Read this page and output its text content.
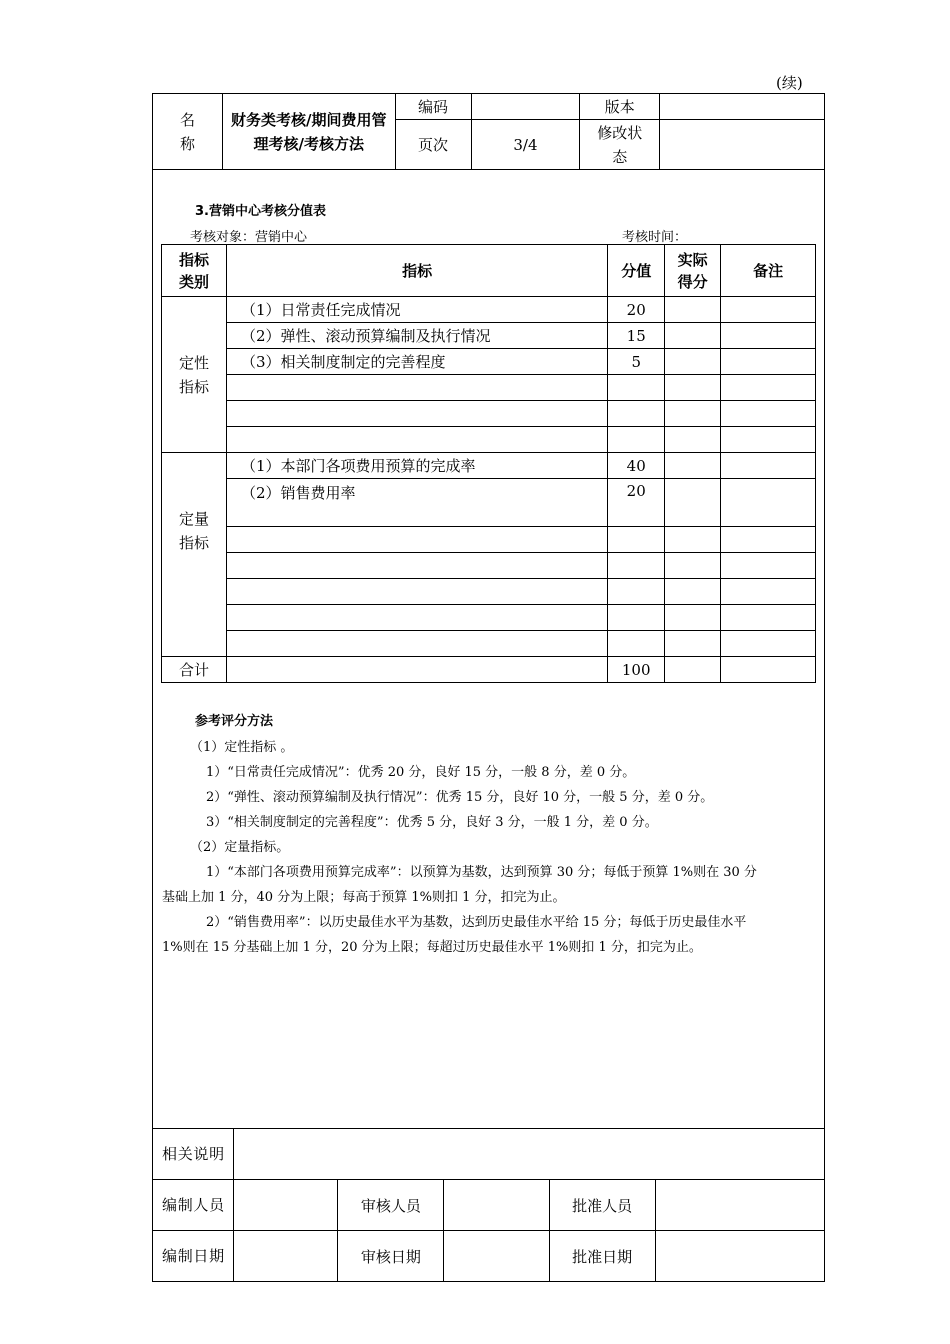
(续)
名称	财务类考核/期间费用管理考核/考核方法	编码		版本	
		页次	3/4	修改状态	
3.营销中心考核分值表
考核对象：营销中心	考核时间：
指标类别	指标	分值	实际得分	备注
定性指标	（1）日常责任完成情况	20		
	（2）弹性、滚动预算编制及执行情况	15		
	（3）相关制度制定的完善程度	5		

定量指标	（1）本部门各项费用预算的完成率	40		
	（2）销售费用率	20		

合计		100		
参考评分方法
（1）定性指标 。
1）“日常责任完成情况”：优秀 20 分，良好 15 分，一般 8 分，差 0 分。
2）“弹性、滚动预算编制及执行情况”：优秀 15 分，良好 10 分，一般 5 分，差 0 分。
3）“相关制度制定的完善程度”：优秀 5 分，良好 3 分，一般 1 分，差 0 分。
（2）定量指标。
1）“本部门各项费用预算完成率”：以预算为基数，达到预算 30 分；每低于预算 1%则在 30 分
基础上加 1 分，40 分为上限；每高于预算 1%则扣 1 分，扣完为止。
2）“销售费用率”：以历史最佳水平为基数，达到历史最佳水平给 15 分；每低于历史最佳水平
1%则在 15 分基础上加 1 分，20 分为上限；每超过历史最佳水平 1%则扣 1 分，扣完为止。
相关说明					
编制人员		审核人员		批准人员	
编制日期		审核日期		批准日期	
